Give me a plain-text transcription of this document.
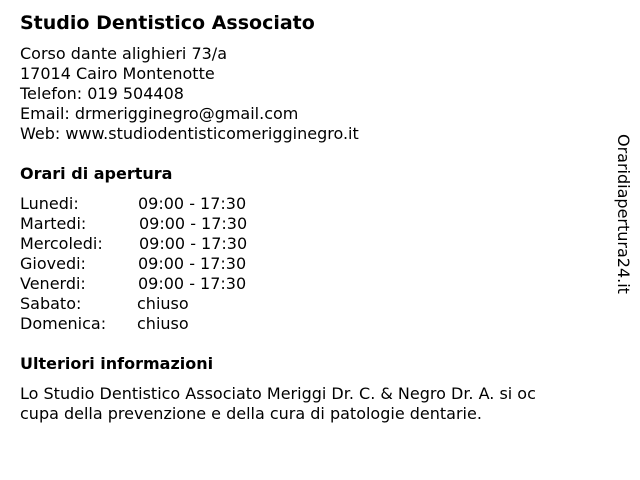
Studio Dentistico Associato
Corso dante alighieri 73/a
17014 Cairo Montenotte
Telefon: 019 504408
Email: drmerigginegro@gmail.com
Web: www.studiodentisticomerigginegro.it
Orari di apertura
Lunedi:	09:00 - 17:30
Martedi:	09:00 - 17:30
Mercoledi: 09:00 - 17:30
Giovedi:	09:00 - 17:30
Venerdi:	09:00 - 17:30
Sabato:	chiuso
Domenica: chiuso
Ulteriori informazioni
Lo Studio Dentistico Associato Meriggi Dr. C. & Negro Dr. A. si oc
cupa della prevenzione e della cura di patologie dentarie.
Oraridiapertura24.it
